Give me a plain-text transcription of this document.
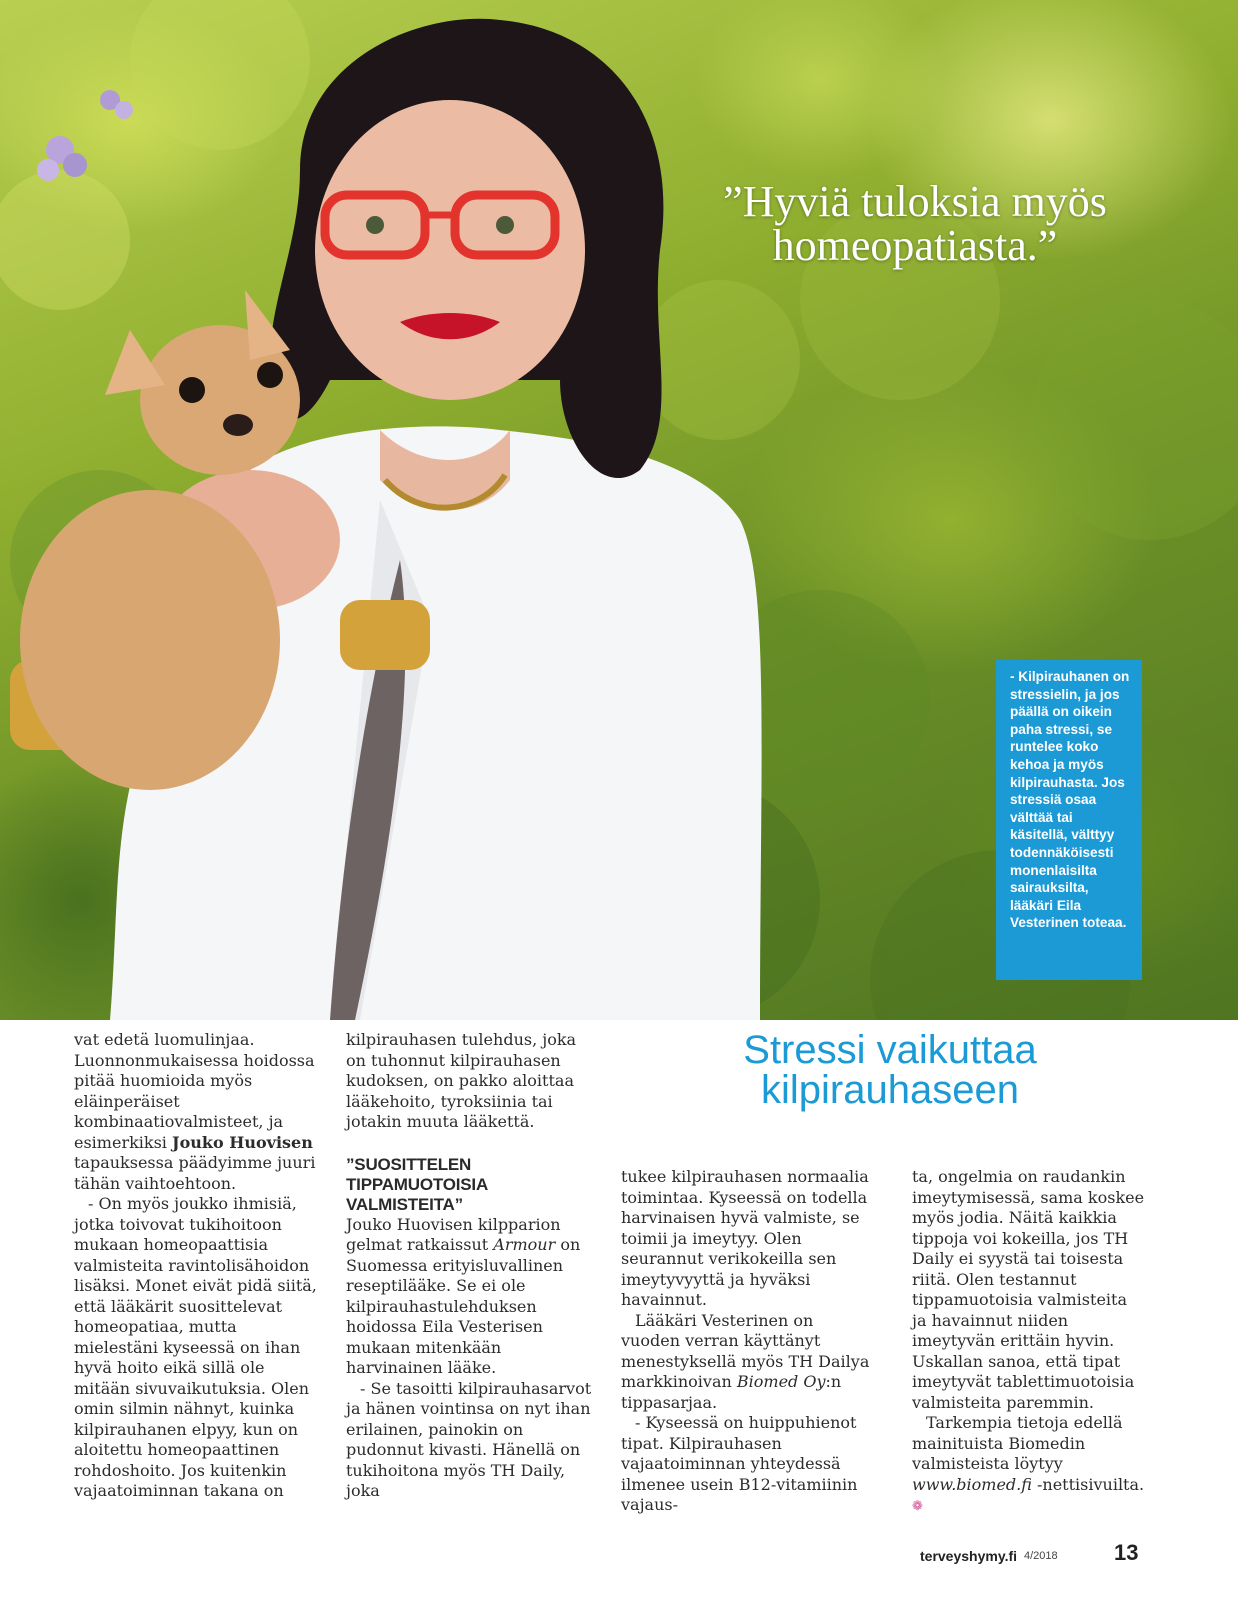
”Hyviä tuloksia myös homeopatiasta.”

- Kilpirauhanen on stressielin, ja jos päällä on oikein paha stressi, se runtelee koko kehoa ja myös kilpirauhasta. Jos stressiä osaa välttää tai käsitellä, välttyy todennäköisesti monenlaisilta sairauksilta, lääkäri Eila Vesterinen toteaa.

Stressi vaikuttaa kilpirauhaseen

vat edetä luomulinjaa. Luonnonmukaisessa hoidossa pitää huomioida myös eläinperäiset kombinaatiovalmisteet, ja esimerkiksi Jouko Huovisen tapauksessa päädyimme juuri tähän vaihtoehtoon.

- On myös joukko ihmisiä, jotka toivovat tukihoitoon mukaan homeopaattisia valmisteita ravintolisähoidon lisäksi. Monet eivät pidä siitä, että lääkärit suosittelevat homeopatiaa, mutta mielestäni kyseessä on ihan hyvä hoito eikä sillä ole mitään sivuvaikutuksia. Olen omin silmin nähnyt, kuinka kilpirauhanen elpyy, kun on aloitettu homeopaattinen rohdoshoito. Jos kuitenkin vajaatoiminnan takana on

kilpirauhasen tulehdus, joka on tuhonnut kilpirauhasen kudoksen, on pakko aloittaa lääkehoito, tyroksiinia tai jotakin muuta lääkettä.

”SUOSITTELEN TIPPAMUOTOISIA VALMISTEITA”

Jouko Huovisen kilpparion gelmat ratkaissut Armour on Suomessa erityisluvallinen reseptilääke. Se ei ole kilpirauhastulehduksen hoidossa Eila Vesterisen mukaan mitenkään harvinainen lääke.

- Se tasoitti kilpirauhasarvot ja hänen vointinsa on nyt ihan erilainen, painokin on pudonnut kivasti. Hänellä on tukihoitona myös TH Daily, joka

tukee kilpirauhasen normaalia toimintaa. Kyseessä on todella harvinaisen hyvä valmiste, se toimii ja imeytyy. Olen seurannut verikokeilla sen imeytyvyyttä ja hyväksi havainnut.

Lääkäri Vesterinen on vuoden verran käyttänyt menestyksellä myös TH Dailya markkinoivan Biomed Oy:n tippasarjaa.

- Kyseessä on huippuhienot tipat. Kilpirauhasen vajaatoiminnan yhteydessä ilmenee usein B12-vitamiinin vajaus-

ta, ongelmia on raudankin imeytymisessä, sama koskee myös jodia. Näitä kaikkia tippoja voi kokeilla, jos TH Daily ei syystä tai toisesta riitä. Olen testannut tippamuotoisia valmisteita ja havainnut niiden imeytyvän erittäin hyvin. Uskallan sanoa, että tipat imeytyvät tablettimuotoisia valmisteita paremmin.

Tarkempia tietoja edellä mainituista Biomedin valmisteista löytyy www.biomed.fi -nettisivuilta. ❁

terveyshymy.fi 4/2018	13
